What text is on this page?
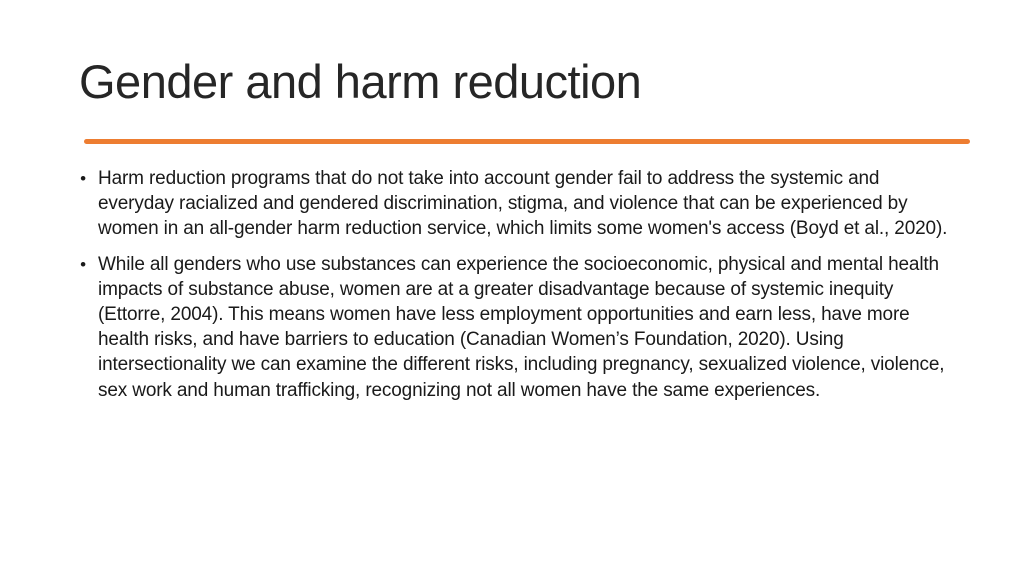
Gender and harm reduction
• Harm reduction programs that do not take into account gender fail to address the systemic and everyday racialized and gendered discrimination, stigma, and violence that can be experienced by women in an all-gender harm reduction service, which limits some women's access (Boyd et al., 2020).
• While all genders who use substances can experience the socioeconomic, physical and mental health impacts of substance abuse, women are at a greater disadvantage because of systemic inequity (Ettorre, 2004). This means women have less employment opportunities and earn less, have more health risks, and have barriers to education (Canadian Women’s Foundation, 2020). Using intersectionality we can examine the different risks, including pregnancy, sexualized violence, violence, sex work and human trafficking, recognizing not all women have the same experiences.
